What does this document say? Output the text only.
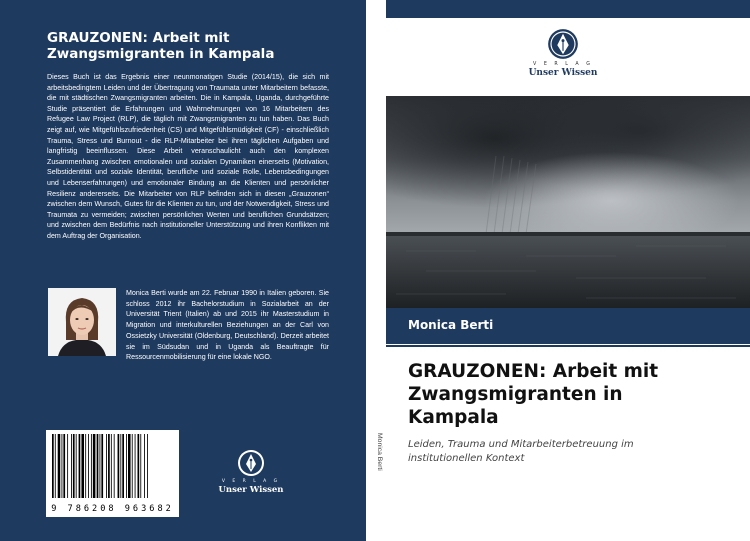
GRAUZONEN: Arbeit mit
Zwangsmigranten in Kampala

Dieses Buch ist das Ergebnis einer neunmonatigen Studie (2014/15), die sich mit arbeitsbedingtem Leiden und der Übertragung von Traumata unter Mitarbeitern befasste, die mit städtischen Zwangsmigranten arbeiten. Die in Kampala, Uganda, durchgeführte Studie präsentiert die Erfahrungen und Wahrnehmungen von 16 Mitarbeitern des Refugee Law Project (RLP), die täglich mit Zwangsmigranten zu tun haben. Das Buch zeigt auf, wie Mitgefühlszufriedenheit (CS) und Mitgefühlsmüdigkeit (CF) - einschließlich Trauma, Stress und Burnout - die RLP-Mitarbeiter bei ihren täglichen Aufgaben und langfristig beeinflussen. Diese Arbeit veranschaulicht auch den komplexen Zusammenhang zwischen emotionalen und sozialen Dynamiken einerseits (Motivation, Selbstidentität und soziale Identität, berufliche und soziale Rolle, Lebensbedingungen und Lebenserfahrungen) und emotionaler Bindung an die Klienten und persönlicher Resilienz andererseits. Die Mitarbeiter von RLP befinden sich in diesen „Grauzonen“ zwischen dem Wunsch, Gutes für die Klienten zu tun, und der Notwendigkeit, Stress und Traumata zu vermeiden; zwischen persönlichen Werten und beruflichen Grundsätzen; und zwischen dem Bedürfnis nach institutioneller Unterstützung und ihren Konflikten mit dem Auftrag der Organisation.

Monica Berti wurde am 22. Februar 1990 in Italien geboren. Sie schloss 2012 ihr Bachelorstudium in Sozialarbeit an der Universität Trient (Italien) ab und 2015 ihr Masterstudium in Migration und interkulturellen Beziehungen an der Carl von Ossietzky Universität (Oldenburg, Deutschland). Derzeit arbeitet sie im Südsudan und in Uganda als Beauftragte für Ressourcenmobilisierung für eine lokale NGO.

9 786208 963682
V E R L A G
Unser Wissen
Monica Berti
V E R L A G
Unser Wissen
Monica Berti
GRAUZONEN: Arbeit mit
Zwangsmigranten in
Kampala
Leiden, Trauma und Mitarbeiterbetreuung im
institutionellen Kontext
